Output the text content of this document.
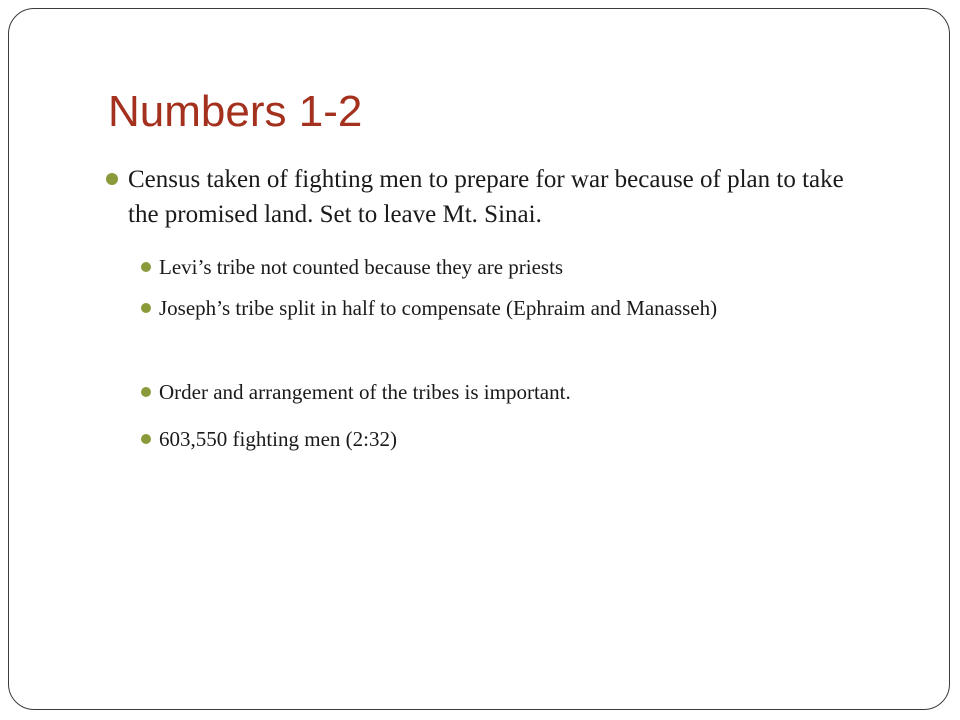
Numbers 1-2
Census taken of fighting men to prepare for war because of plan to take the promised land. Set to leave Mt. Sinai.
Levi’s tribe not counted because they are priests
Joseph’s tribe split in half to compensate (Ephraim and Manasseh)
Order and arrangement of the tribes is important.
603,550 fighting men (2:32)
